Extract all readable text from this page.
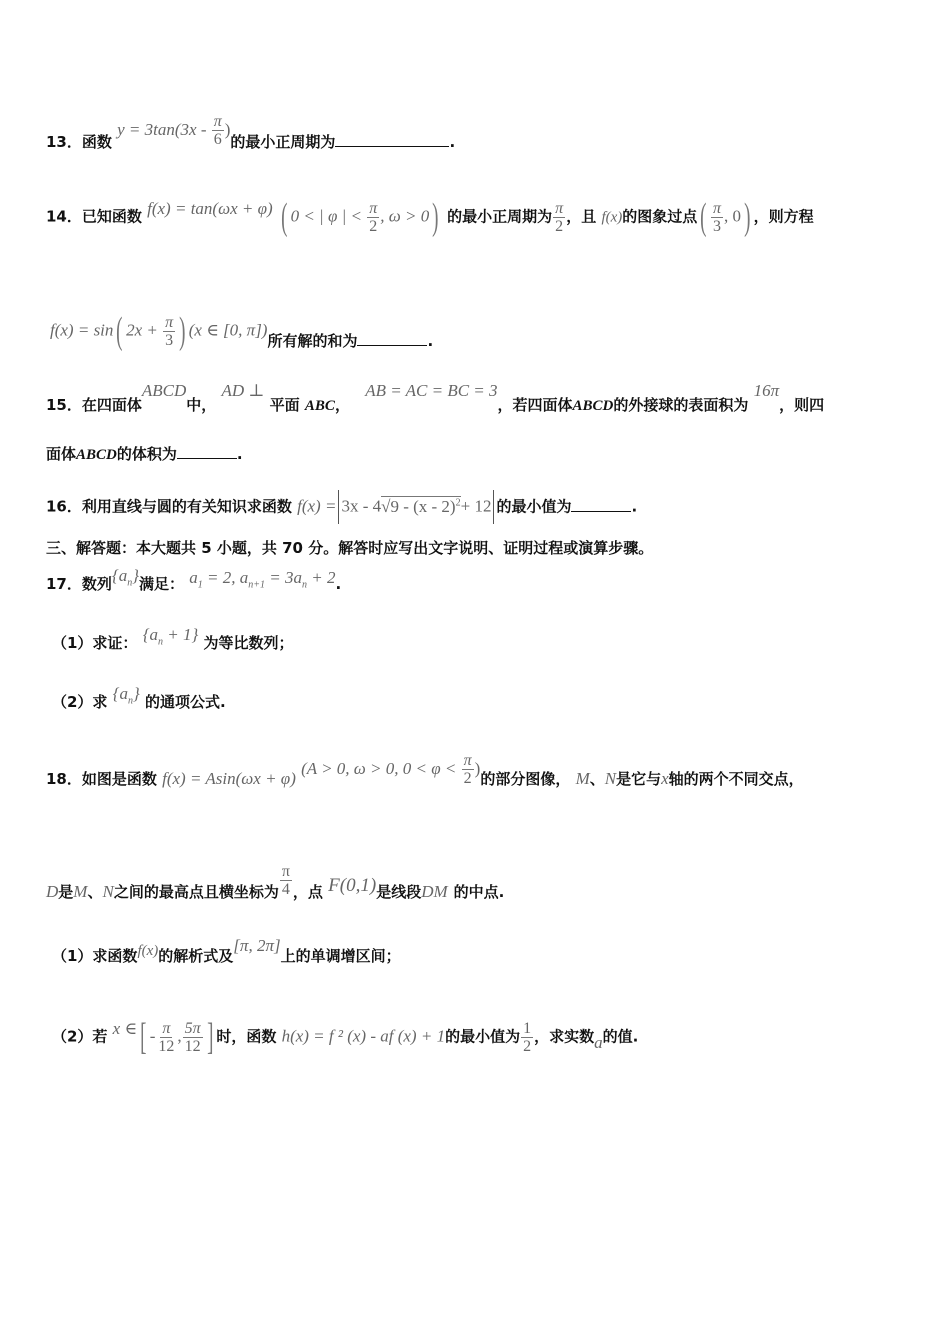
13．函数 $y = 3\tan(3x - \frac{\pi}{6}$ )的最小正周期为	.
14．已知函数 f(x) = tan(ωx + φ) ( 0 < | φ | < $\frac{\pi}{2}$ , ω > 0) 的最小正周期为 $\frac{\pi}{2}$ ，且 f(x)的图象过点( $\frac{\pi}{3}$ , 0) ，则方程
f(x) = sin( $2x + \frac{\pi}{3}$ ) (x ∈ [0, π])所有解的和为	.
15．在四面体ABCD中， AD ⊥ 平面 ABC， AB = AC = BC = 3，若四面体ABCD的外接球的表面积为 16π，则四
面体ABCD的体积为	.
16．利用直线与圆的有关知识求函数 f(x) = 3x - 4√9 - (x - 2)$^2$+ 12 的最小值为	.
三、解答题：本大题共 5 小题，共 70 分。解答时应写出文字说明、证明过程或演算步骤。
17．数列$\{a_n\}$满足： $a_1 = 2$, $a_{n+1} = 3a_n + 2$.
（1）求证： $\{a_n + 1\}$ 为等比数列；
（2）求 $\{a_n\}$ 的通项公式.
18．如图是函数 f(x) = Asin(ωx + φ) (A > 0, ω > 0, $0 < \varphi < \frac{\pi}{2}$ )的部分图像， M、N是它与x轴的两个不同交点，
D是M、N之间的最高点且横坐标为 $\frac{\pi}{4}$ ，点 F(0,1)是线段DM 的中点.
（1）求函数f(x)的解析式及[π, 2π]上的单调增区间；
（2）若 x ∈[ - $\frac{\pi}{12}$ , $\frac{5\pi}{12}$ ] 时，函数 h(x) = f ² (x) - af (x) + 1的最小值为 $\frac{1}{2}$ ，求实数a的值.
